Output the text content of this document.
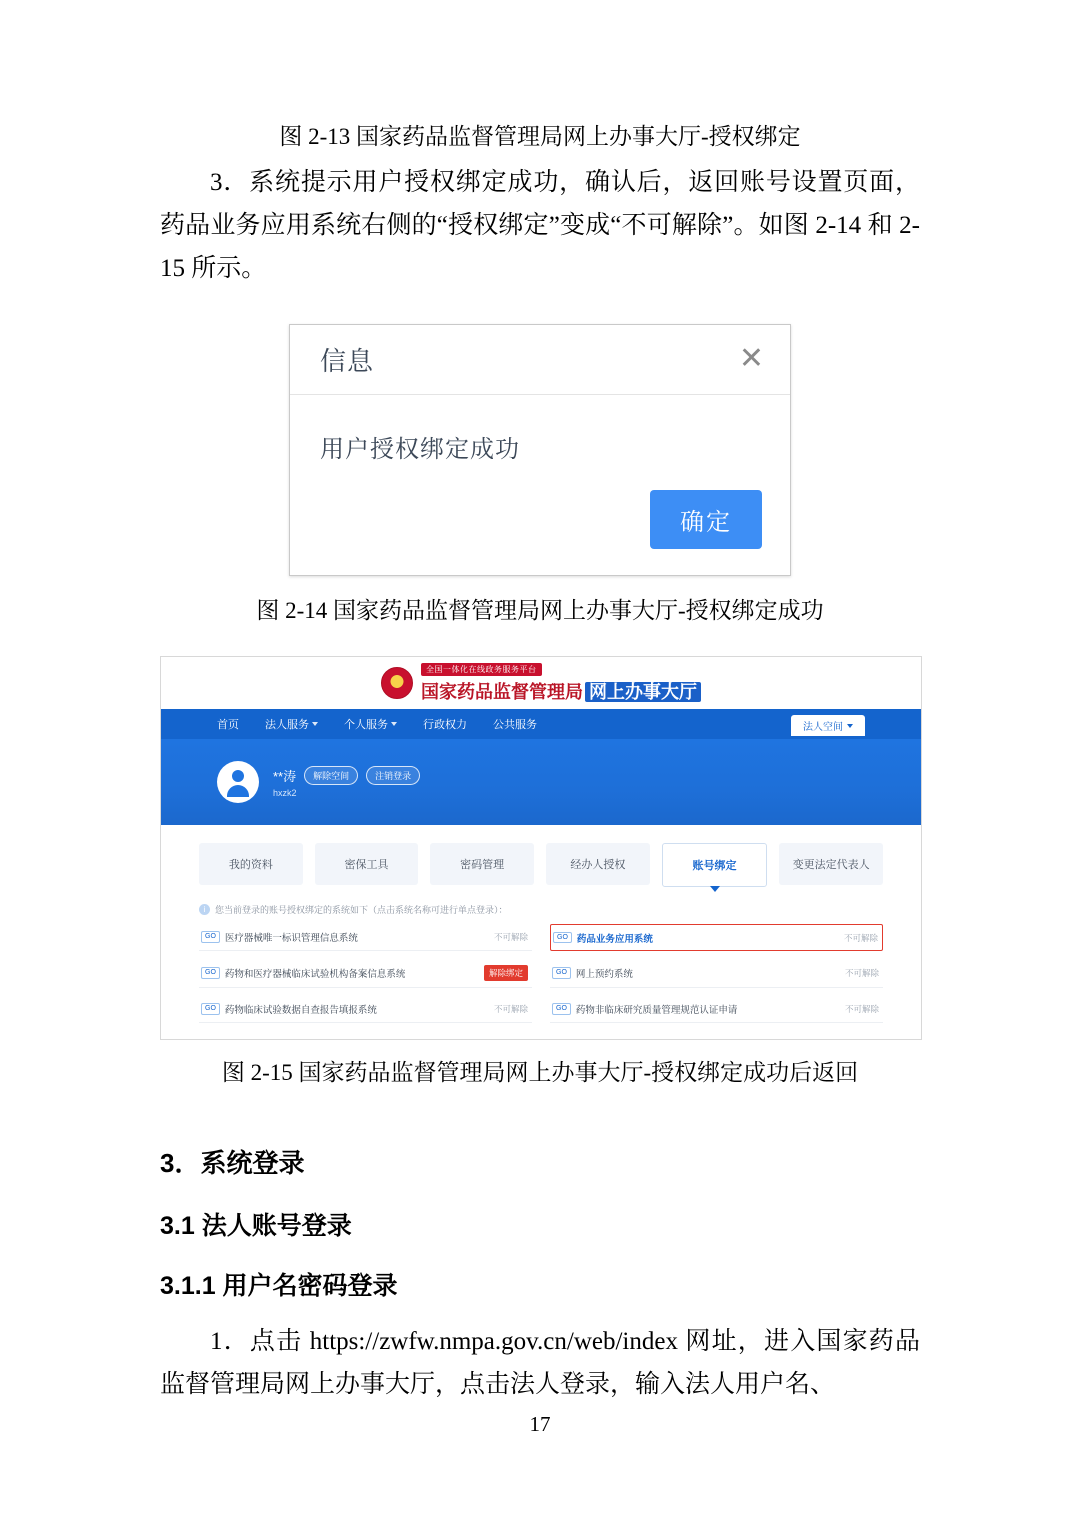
图 2-13 国家药品监督管理局网上办事大厅-授权绑定

3．系统提示用户授权绑定成功，确认后，返回账号设置页面，药品业务应用系统右侧的“授权绑定”变成“不可解除”。如图 2-14 和 2-15 所示。

信息	✕
用户授权绑定成功
确定

图 2-14 国家药品监督管理局网上办事大厅-授权绑定成功

★
全国一体化在线政务服务平台
国家药品监督管理局 网上办事大厅
首页 法人服务	个人服务	行政权力 公共服务	法人空间
**涛	解除空间	注销登录
hxzk2
我的资料	密保工具	密码管理	经办人授权	账号绑定	变更法定代表人
i	您当前登录的账号授权绑定的系统如下（点击系统名称可进行单点登录）：
GO 医疗器械唯一标识管理信息系统	不可解除	GO 药品业务应用系统	不可解除
GO 药物和医疗器械临床试验机构备案信息系统	解除绑定	GO 网上预约系统	不可解除
GO 药物临床试验数据自查报告填报系统	不可解除	GO 药物非临床研究质量管理规范认证申请	不可解除

图 2-15 国家药品监督管理局网上办事大厅-授权绑定成功后返回

3．系统登录
3.1 法人账号登录
3.1.1 用户名密码登录

1．点击 https://zwfw.nmpa.gov.cn/web/index 网址，进入国家药品监督管理局网上办事大厅，点击法人登录，输入法人用户名、

17
